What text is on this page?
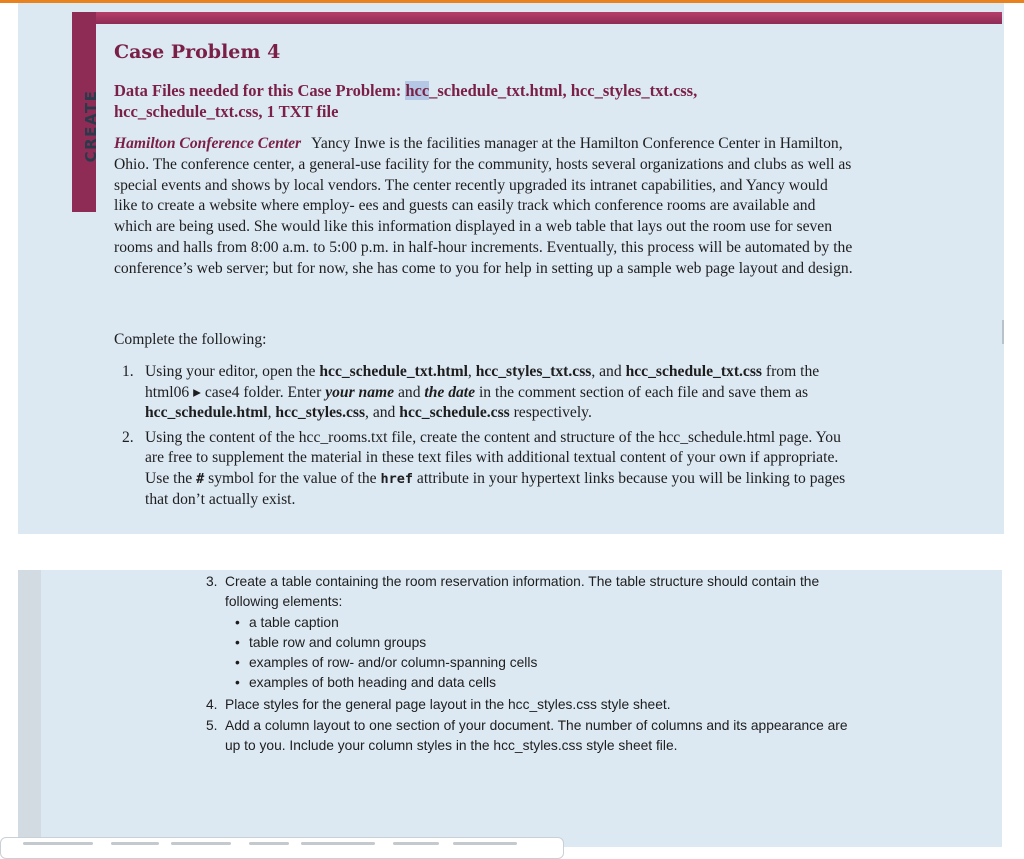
CREATE
Case Problem 4

Data Files needed for this Case Problem: hcc_schedule_txt.html, hcc_styles_txt.css,
hcc_schedule_txt.css, 1 TXT file

Hamilton Conference Center Yancy Inwe is the facilities manager at the Hamilton Conference Center in Hamilton, Ohio. The conference center, a general-use facility for the community, hosts several organizations and clubs as well as special events and shows by local vendors. The center recently upgraded its intranet capabilities, and Yancy would like to create a website where employ- ees and guests can easily track which conference rooms are available and which are being used. She would like this information displayed in a web table that lays out the room use for seven rooms and halls from 8:00 a.m. to 5:00 p.m. in half-hour increments. Eventually, this process will be automated by the conference’s web server; but for now, she has come to you for help in setting up a sample web page layout and design.

Complete the following:

1. Using your editor, open the hcc_schedule_txt.html, hcc_styles_txt.css, and hcc_schedule_txt.css from the html06 ▸ case4 folder. Enter your name and the date in the comment section of each file and save them as hcc_schedule.html, hcc_styles.css, and hcc_schedule.css respectively.
2. Using the content of the hcc_rooms.txt file, create the content and structure of the hcc_schedule.html page. You are free to supplement the material in these text files with additional textual content of your own if appropriate. Use the # symbol for the value of the href attribute in your hypertext links because you will be linking to pages that don’t actually exist.
3. Create a table containing the room reservation information. The table structure should contain the following elements:
• a table caption
• table row and column groups
• examples of row- and/or column-spanning cells
• examples of both heading and data cells
4. Place styles for the general page layout in the hcc_styles.css style sheet.
5. Add a column layout to one section of your document. The number of columns and its appearance are up to you. Include your column styles in the hcc_styles.css style sheet file.
